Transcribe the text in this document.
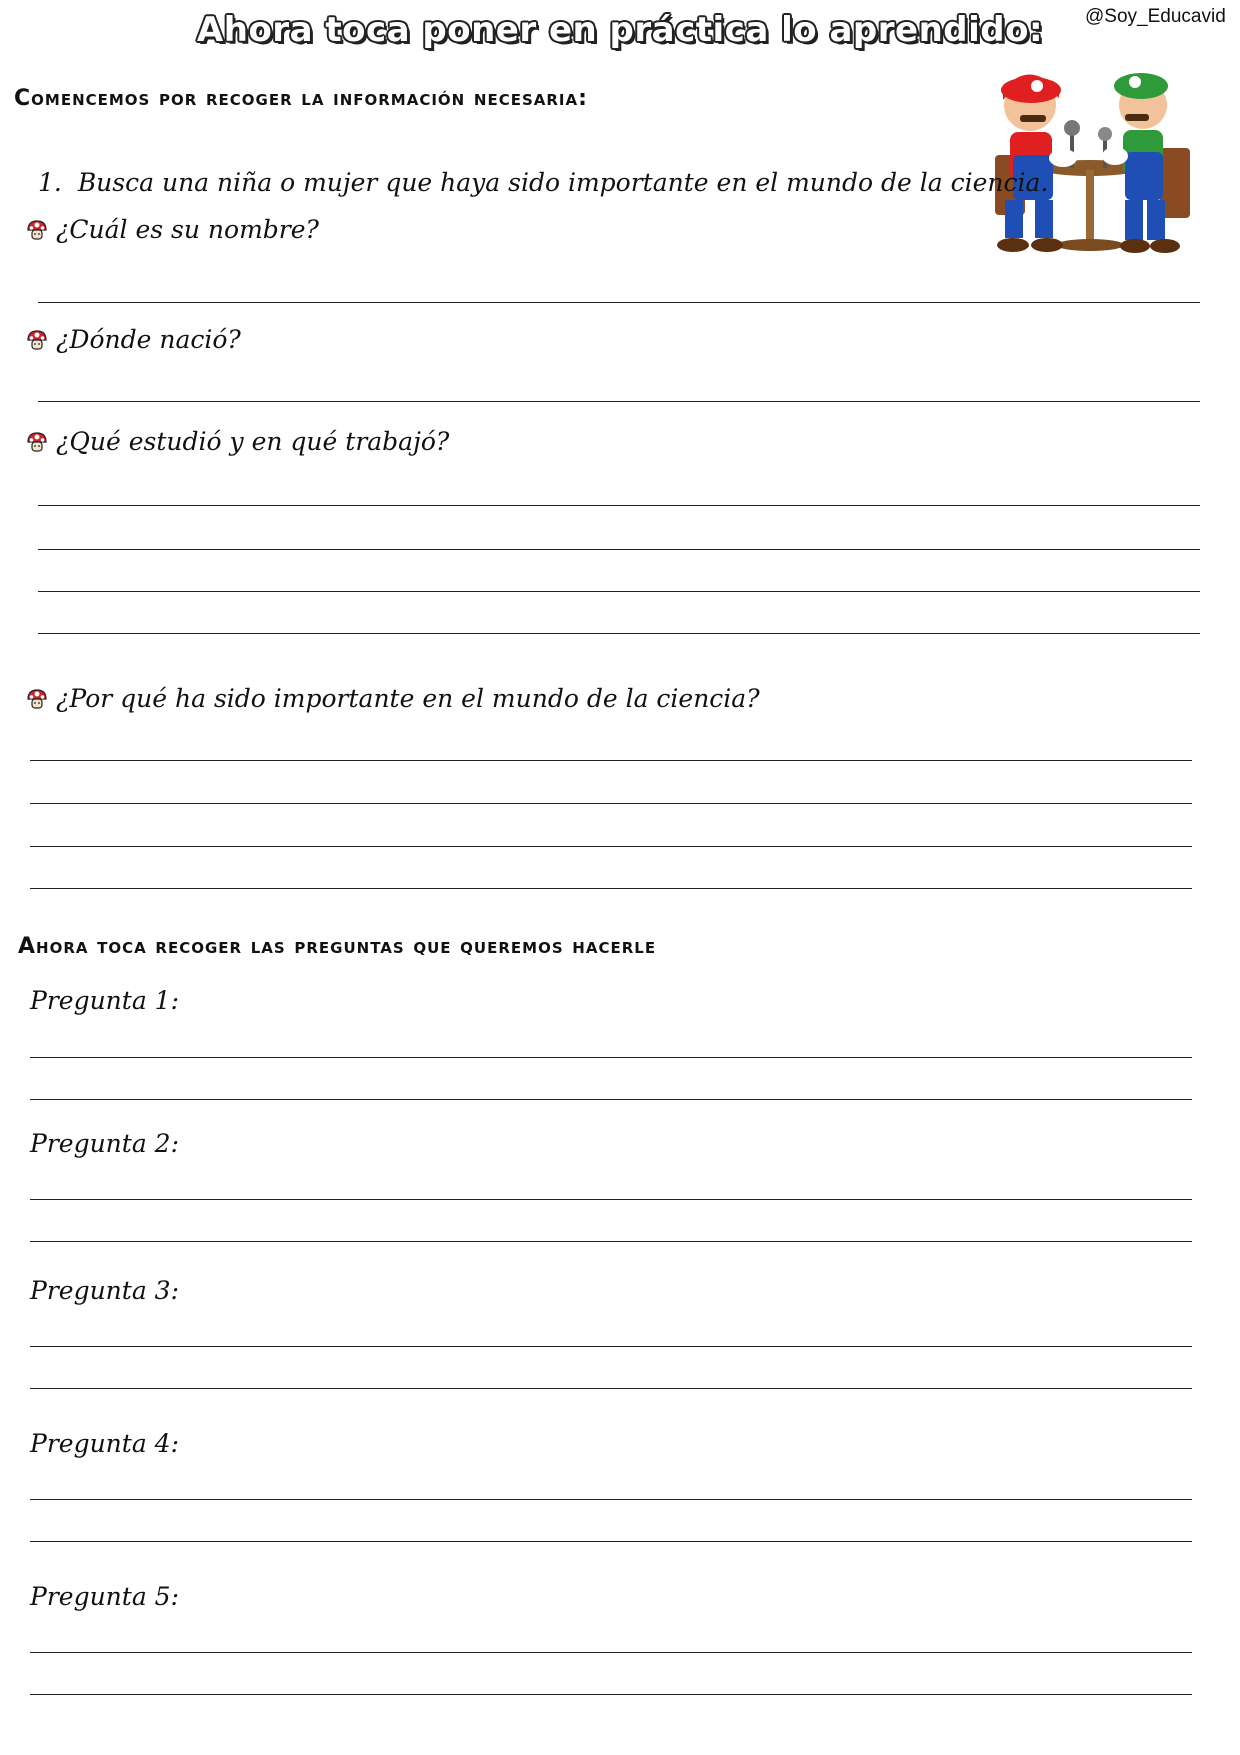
@Soy_Educavid
Ahora toca poner en práctica lo aprendido:
Comencemos por recoger la información necesaria:
1. Busca una niña o mujer que haya sido importante en el mundo de la ciencia.
¿Cuál es su nombre?
¿Dónde nació?
¿Qué estudió y en qué trabajó?
¿Por qué ha sido importante en el mundo de la ciencia?
Ahora toca recoger las preguntas que queremos hacerle
Pregunta 1:
Pregunta 2:
Pregunta 3:
Pregunta 4:
Pregunta 5:
